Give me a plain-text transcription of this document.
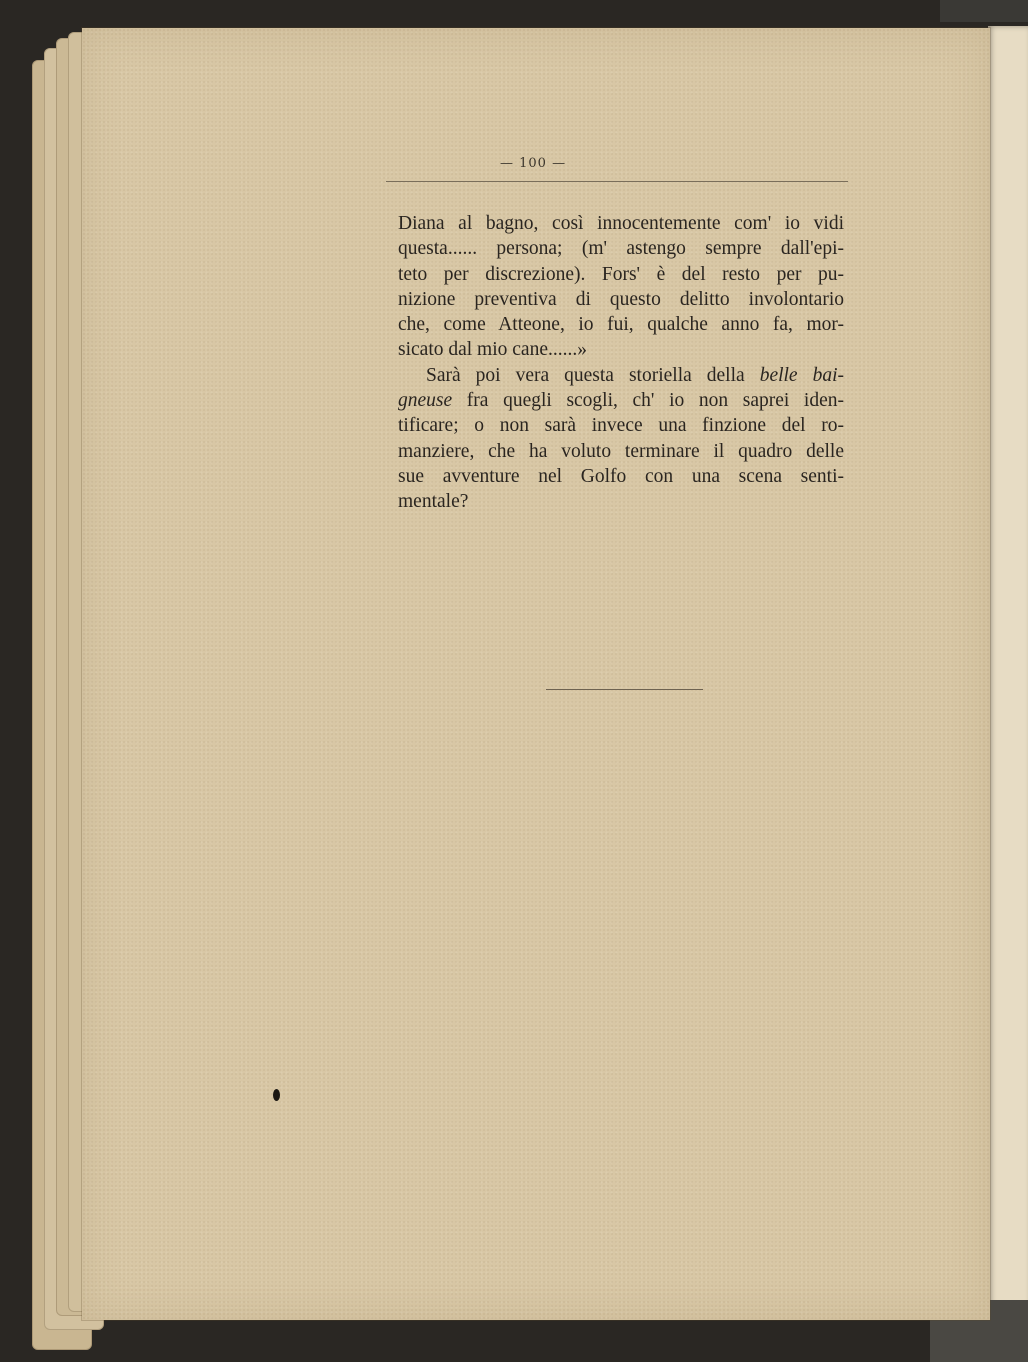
— 100 —
Diana al bagno, così innocentemente com' io vidi
questa...... persona; (m' astengo sempre dall'epi-
teto per discrezione). Fors' è del resto per pu-
nizione preventiva di questo delitto involontario
che, come Atteone, io fui, qualche anno fa, mor-
sicato dal mio cane......»
Sarà poi vera questa storiella della belle bai-
gneuse fra quegli scogli, ch' io non saprei iden-
tificare; o non sarà invece una finzione del ro-
manziere, che ha voluto terminare il quadro delle
sue avventure nel Golfo con una scena senti-
mentale?
